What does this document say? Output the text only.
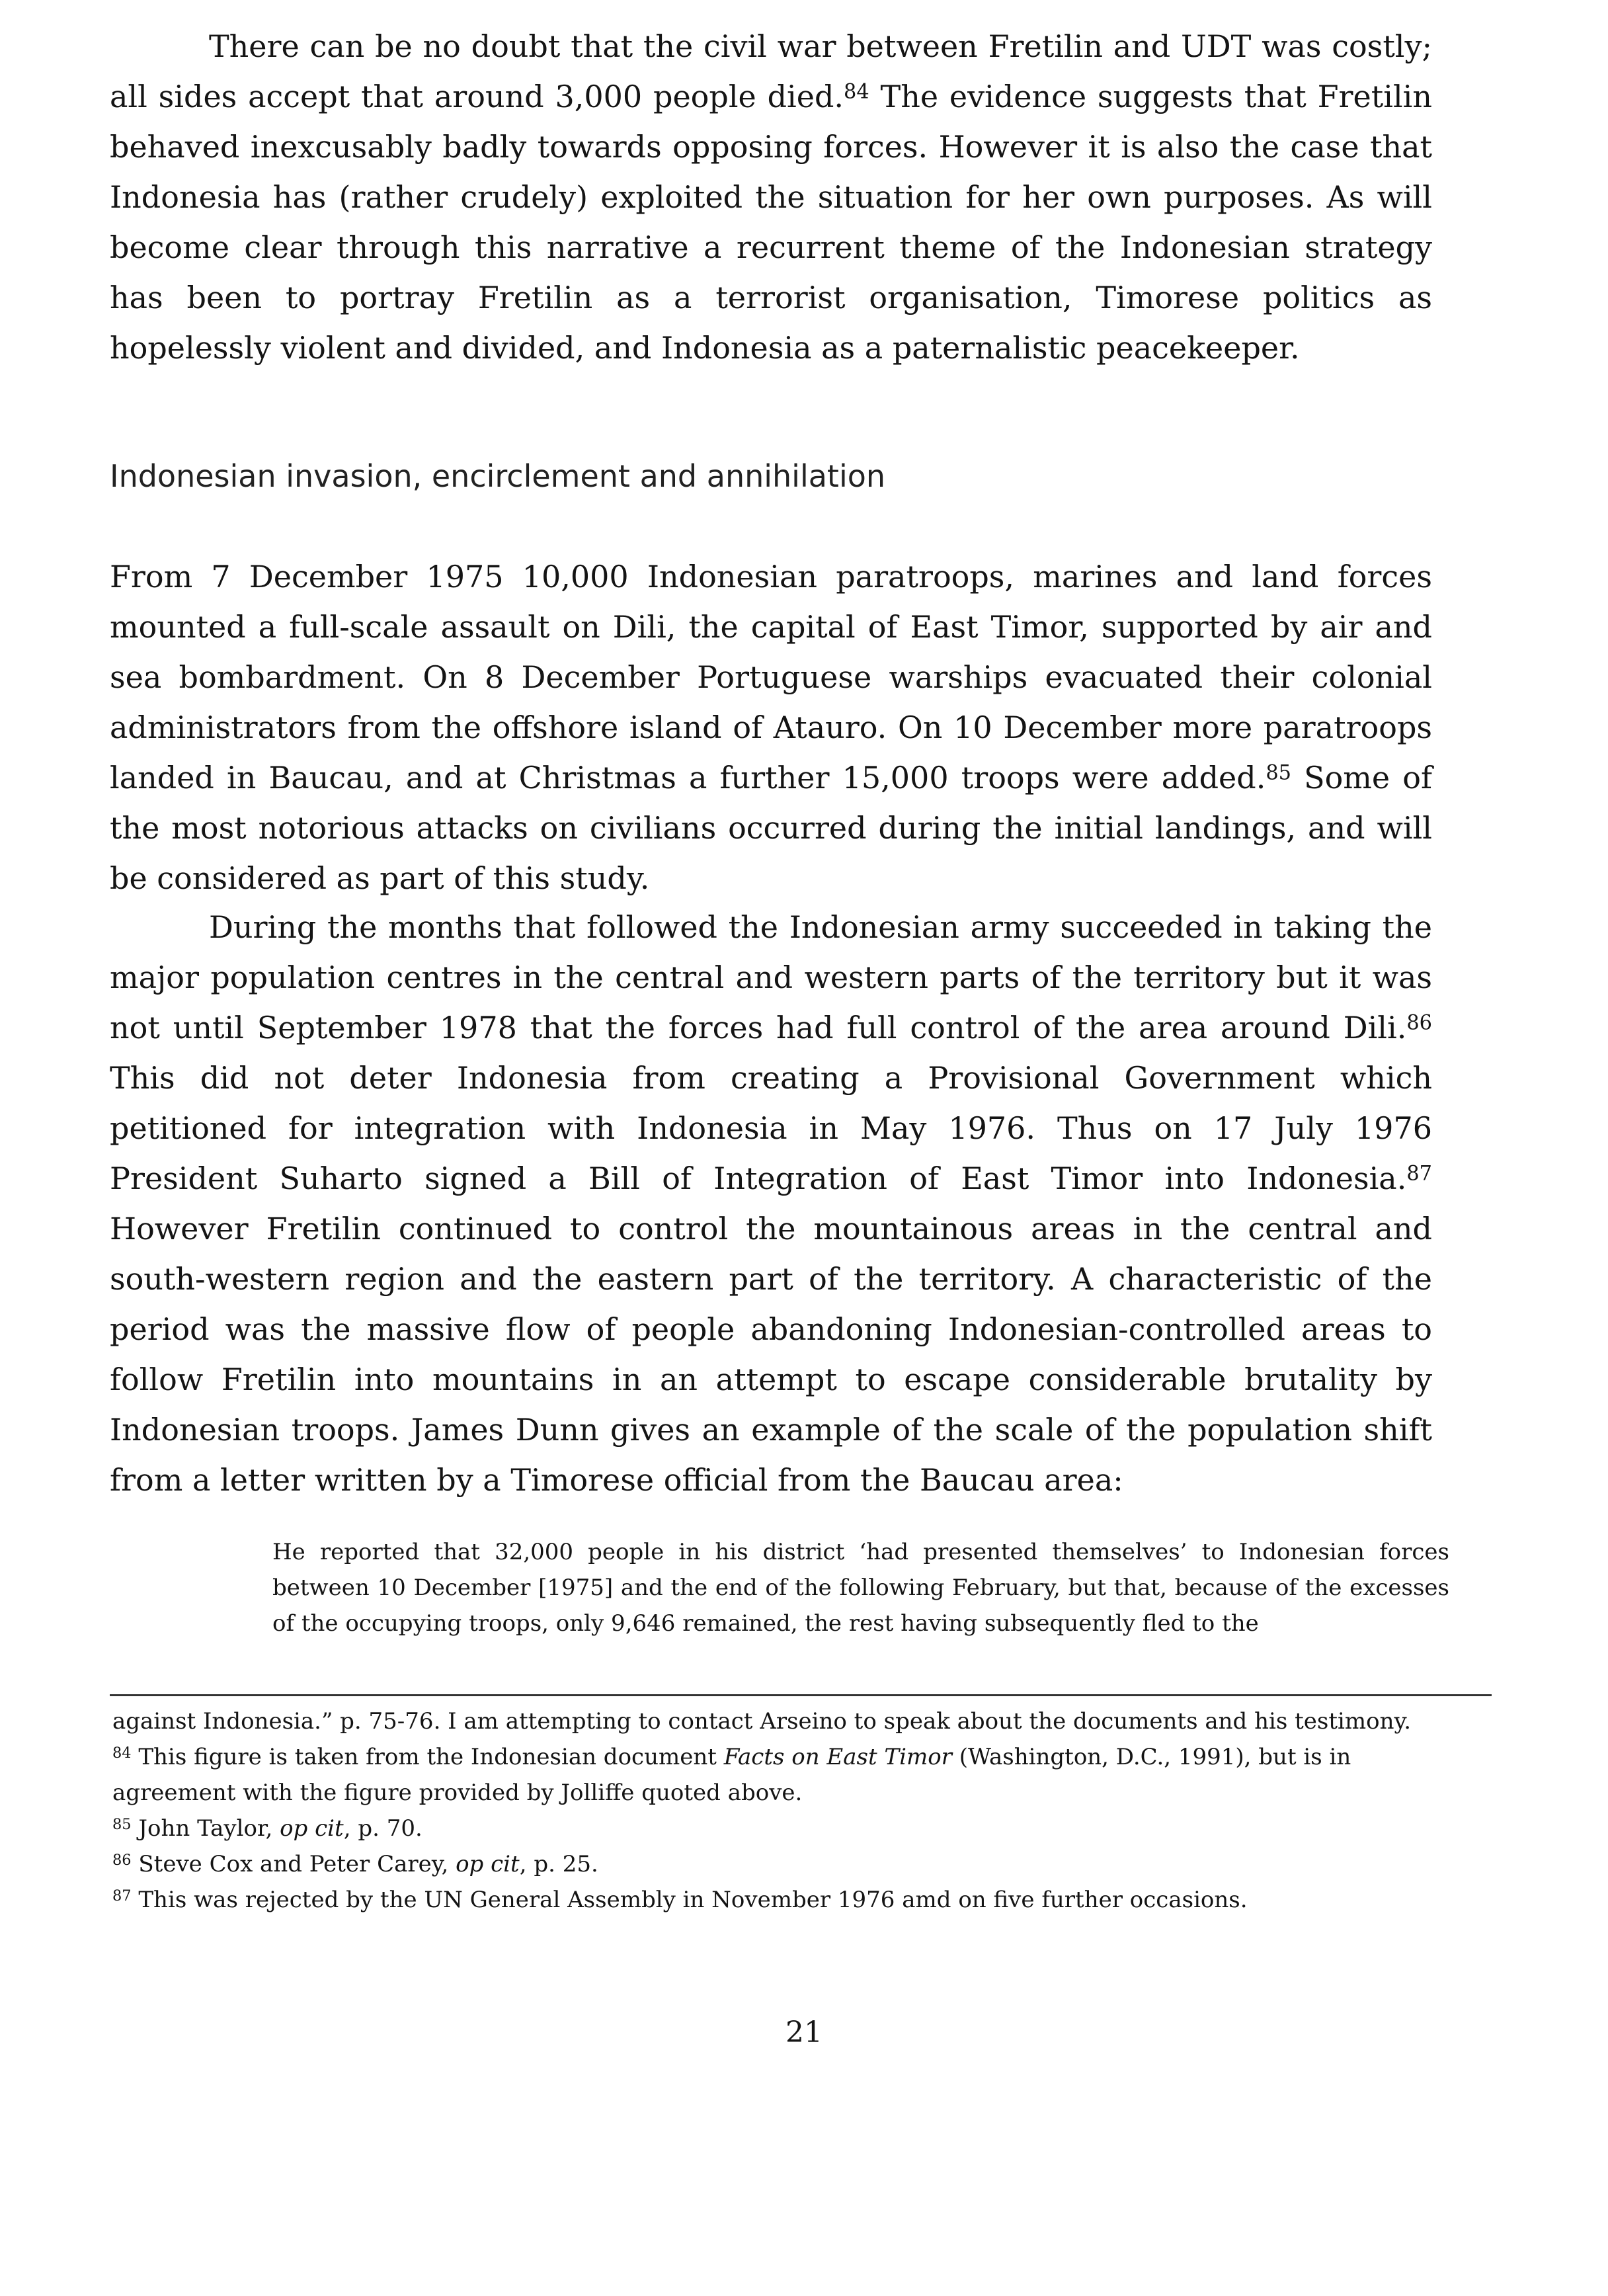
There can be no doubt that the civil war between Fretilin and UDT was costly; all sides accept that around 3,000 people died.$^{84}$ The evidence suggests that Fretilin behaved inexcusably badly towards opposing forces. However it is also the case that Indonesia has (rather crudely) exploited the situation for her own purposes. As will become clear through this narrative a recurrent theme of the Indonesian strategy has been to portray Fretilin as a terrorist organisation, Timorese politics as hopelessly violent and divided, and Indonesia as a paternalistic peacekeeper.

Indonesian invasion, encirclement and annihilation

From 7 December 1975 10,000 Indonesian paratroops, marines and land forces mounted a full-scale assault on Dili, the capital of East Timor, supported by air and sea bombardment. On 8 December Portuguese warships evacuated their colonial administrators from the offshore island of Atauro. On 10 December more paratroops landed in Baucau, and at Christmas a further 15,000 troops were added.$^{85}$ Some of the most notorious attacks on civilians occurred during the initial landings, and will be considered as part of this study.

During the months that followed the Indonesian army succeeded in taking the major population centres in the central and western parts of the territory but it was not until September 1978 that the forces had full control of the area around Dili.$^{86}$ This did not deter Indonesia from creating a Provisional Government which petitioned for integration with Indonesia in May 1976. Thus on 17 July 1976 President Suharto signed a Bill of Integration of East Timor into Indonesia.$^{87}$ However Fretilin continued to control the mountainous areas in the central and south-western region and the eastern part of the territory. A characteristic of the period was the massive flow of people abandoning Indonesian-controlled areas to follow Fretilin into mountains in an attempt to escape considerable brutality by Indonesian troops. James Dunn gives an example of the scale of the population shift from a letter written by a Timorese official from the Baucau area:

He reported that 32,000 people in his district ‘had presented themselves’ to Indonesian forces between 10 December [1975] and the end of the following February, but that, because of the excesses of the occupying troops, only 9,646 remained, the rest having subsequently fled to the

against Indonesia.” p. 75-76. I am attempting to contact Arseino to speak about the documents and his testimony.

$^{84}$ This figure is taken from the Indonesian document Facts on East Timor (Washington, D.C., 1991), but is in agreement with the figure provided by Jolliffe quoted above.

$^{85}$ John Taylor, op cit, p. 70.

$^{86}$ Steve Cox and Peter Carey, op cit, p. 25.

$^{87}$ This was rejected by the UN General Assembly in November 1976 amd on five further occasions.

21
